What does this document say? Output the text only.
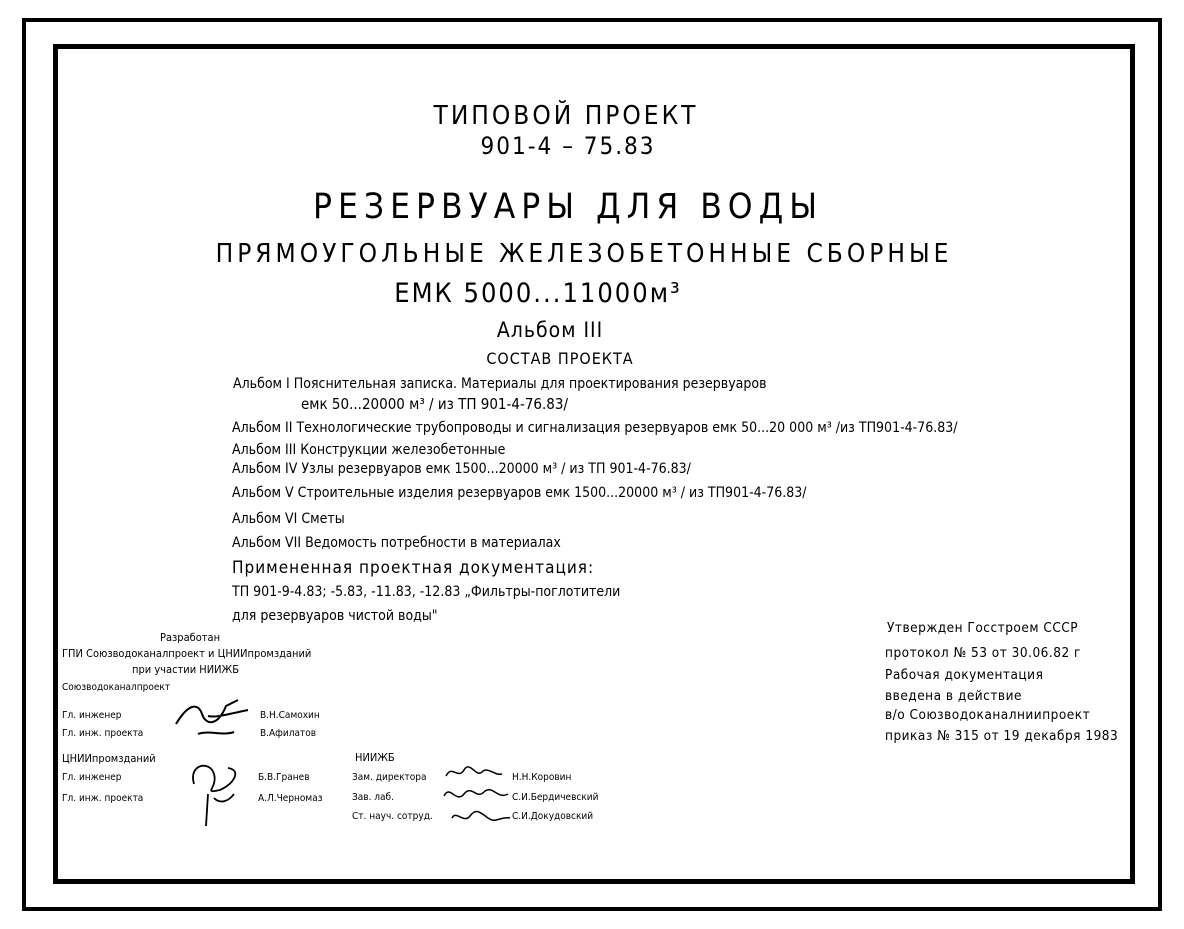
ТИПОВОЙ ПРОЕКТ
901-4 – 75.83
РЕЗЕРВУАРЫ ДЛЯ ВОДЫ
ПРЯМОУГОЛЬНЫЕ ЖЕЛЕЗОБЕТОННЫЕ СБОРНЫЕ
ЕМК 5000...11000м³
Альбом III
СОСТАВ ПРОЕКТА
Альбом I Пояснительная записка. Материалы для проектирования резервуаров
емк 50...20000 м³ / из ТП 901-4-76.83/
Альбом II Технологические трубопроводы и сигнализация резервуаров емк 50...20 000 м³ /из ТП901-4-76.83/
Альбом III Конструкции железобетонные
Альбом IV Узлы резервуаров емк 1500...20000 м³ / из ТП 901-4-76.83/
Альбом V Строительные изделия резервуаров емк 1500...20000 м³ / из ТП901-4-76.83/
Альбом VI Сметы
Альбом VII Ведомость потребности в материалах
Примененная проектная документация:
ТП 901-9-4.83; -5.83, -11.83, -12.83 „Фильтры-поглотители
для резервуаров чистой воды"
Разработан
ГПИ Союзводоканалпроект и ЦНИИпромзданий
при участии НИИЖБ
Союзводоканалпроект
Гл. инженер	В.Н.Самохин
Гл. инж. проекта	В.Афилатов
ЦНИИпромзданий
Гл. инженер	Б.В.Гранев
Гл. инж. проекта	А.Л.Черномаз
НИИЖБ
Зам. директора	Н.Н.Коровин
Зав. лаб.	С.И.Бердичевский
Ст. науч. сотруд.	С.И.Докудовский
Утвержден Госстроем СССР
протокол № 53 от 30.06.82 г
Рабочая документация
введена в действие
в/о Союзводоканалниипроект
приказ № 315 от 19 декабря 1983
